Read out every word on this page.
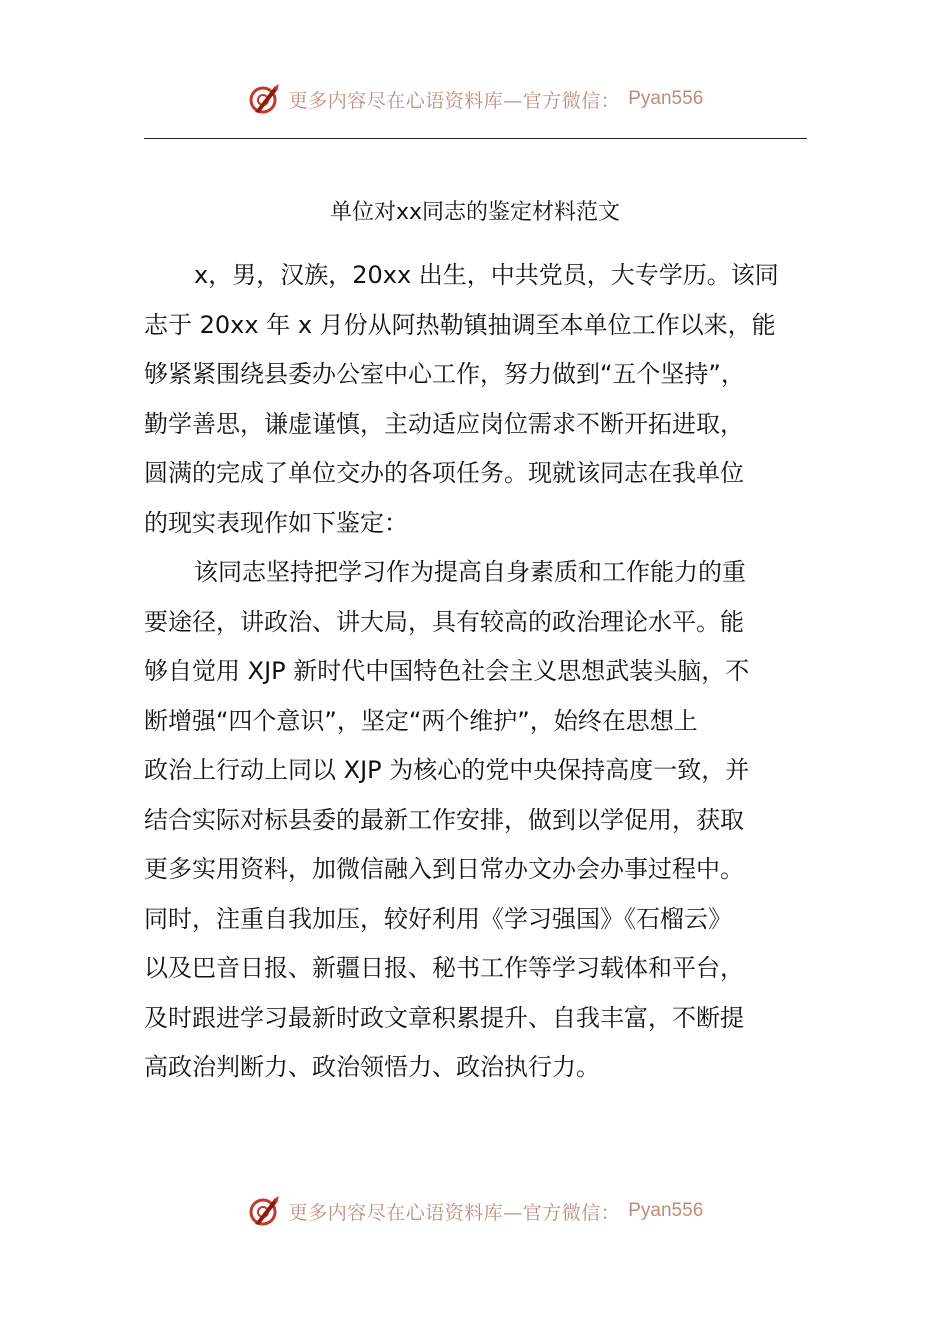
更多内容尽在心语资料库—官方微信： Pyan556
单位对xx同志的鉴定材料范文
x，男，汉族，20xx 出生，中共党员，大专学历。该同
志于 20xx 年 x 月份从阿热勒镇抽调至本单位工作以来，能
够紧紧围绕县委办公室中心工作，努力做到“五个坚持”，
勤学善思，谦虚谨慎，主动适应岗位需求不断开拓进取，
圆满的完成了单位交办的各项任务。现就该同志在我单位
的现实表现作如下鉴定：
该同志坚持把学习作为提高自身素质和工作能力的重
要途径，讲政治、讲大局，具有较高的政治理论水平。能
够自觉用 XJP 新时代中国特色社会主义思想武装头脑，不
断增强“四个意识”，坚定“两个维护”，始终在思想上
政治上行动上同以 XJP 为核心的党中央保持高度一致，并
结合实际对标县委的最新工作安排，做到以学促用，获取
更多实用资料，加微信融入到日常办文办会办事过程中。
同时，注重自我加压，较好利用《学习强国》《石榴云》
以及巴音日报、新疆日报、秘书工作等学习载体和平台，
及时跟进学习最新时政文章积累提升、自我丰富，不断提
高政治判断力、政治领悟力、政治执行力。
更多内容尽在心语资料库—官方微信： Pyan556
